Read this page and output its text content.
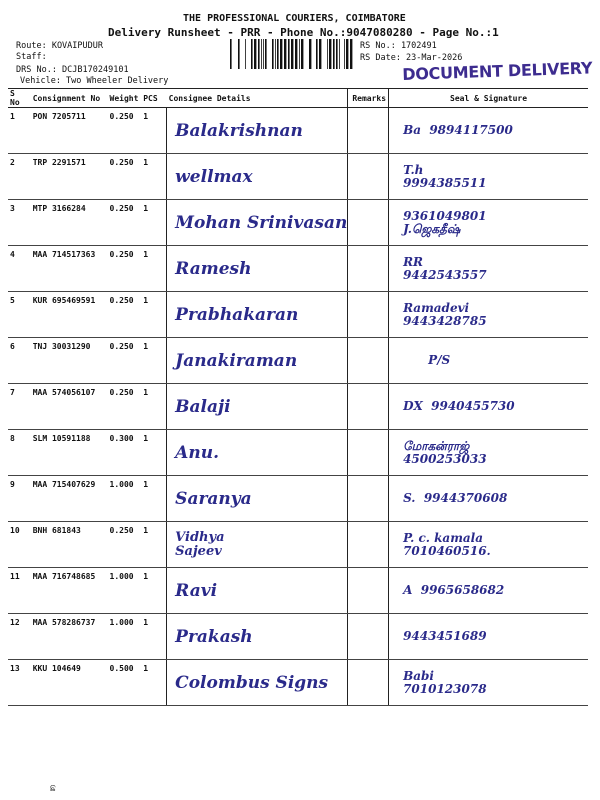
THE PROFESSIONAL COURIERS, COIMBATORE
Delivery Runsheet - PRR - Phone No.:9047080280 - Page No.:1
Route: KOVAIPUDUR
Staff:
DRS No.: DCJB170249101
Vehicle: Two Wheeler Delivery
RS No.: 1702491
RS Date: 23-Mar-2026
DOCUMENT DELIVERY
S No	Consignment No	Weight	PCS	Consignee Details	Remarks	Seal & Signature
1	PON 7205711	0.250	1	Balakrishnan		Ba  9894117500

2	TRP 2291571	0.250	1	wellmax		T.h
9994385511

3	MTP 3166284	0.250	1	Mohan Srinivasan		9361049801
J.ஜெகதீஷ்

4	MAA 714517363	0.250	1	Ramesh		RR
9442543557

5	KUR 695469591	0.250	1	Prabhakaran		Ramadevi
9443428785

6	TNJ 30031290	0.250	1	Janakiraman		P/S

7	MAA 574056107	0.250	1	Balaji		DX  9940455730

8	SLM 10591188	0.300	1	Anu.		மோகன்ராஜ்
4500253033

9	MAA 715407629	1.000	1	Saranya		S.  9944370608

10	BNH 681843	0.250	1	Vidhya
Sajeev		P. c. kamala
7010460516.

11	MAA 716748685	1.000	1	Ravi		A  9965658682

12	MAA 578286737	1.000	1	Prakash		9443451689

13	KKU 104649	0.500	1	Colombus Signs		Babi
7010123078
ଛ
